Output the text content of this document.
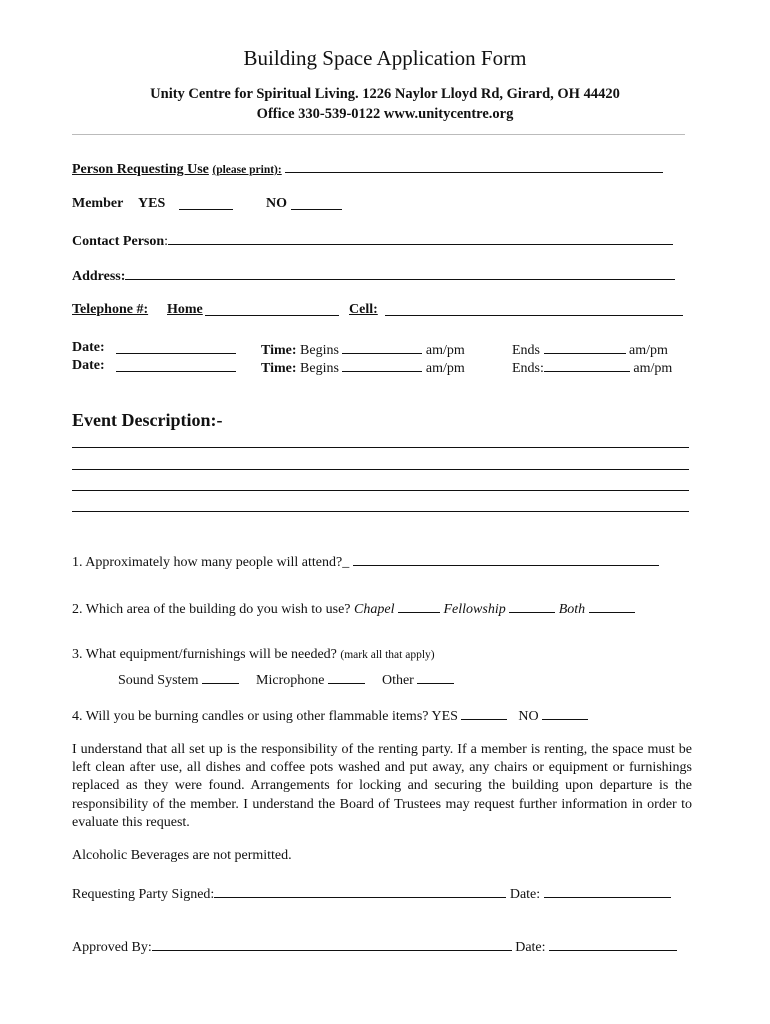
Building Space Application Form
Unity Centre for Spiritual Living. 1226 Naylor Lloyd Rd, Girard, OH 44420
Office 330-539-0122 www.unitycentre.org
Person Requesting Use (please print):
Member YES	NO
Contact Person:
Address:
Telephone #: Home	Cell:
Date:	Time: Begins	am/pm	Ends	am/pm
Date:	Time: Begins	am/pm	Ends:	am/pm
Event Description:-
1. Approximately how many people will attend?_
2. Which area of the building do you wish to use? Chapel	Fellowship	Both
3. What equipment/furnishings will be needed? (mark all that apply)
Sound System	Microphone	Other
4. Will you be burning candles or using other flammable items? YES	NO
I understand that all set up is the responsibility of the renting party. If a member is renting, the space must be left clean after use, all dishes and coffee pots washed and put away, any chairs or equipment or furnishings replaced as they were found. Arrangements for locking and securing the building upon departure is the responsibility of the member. I understand the Board of Trustees may request further information in order to evaluate this request.
Alcoholic Beverages are not permitted.
Requesting Party Signed:	Date:
Approved By:	Date:
